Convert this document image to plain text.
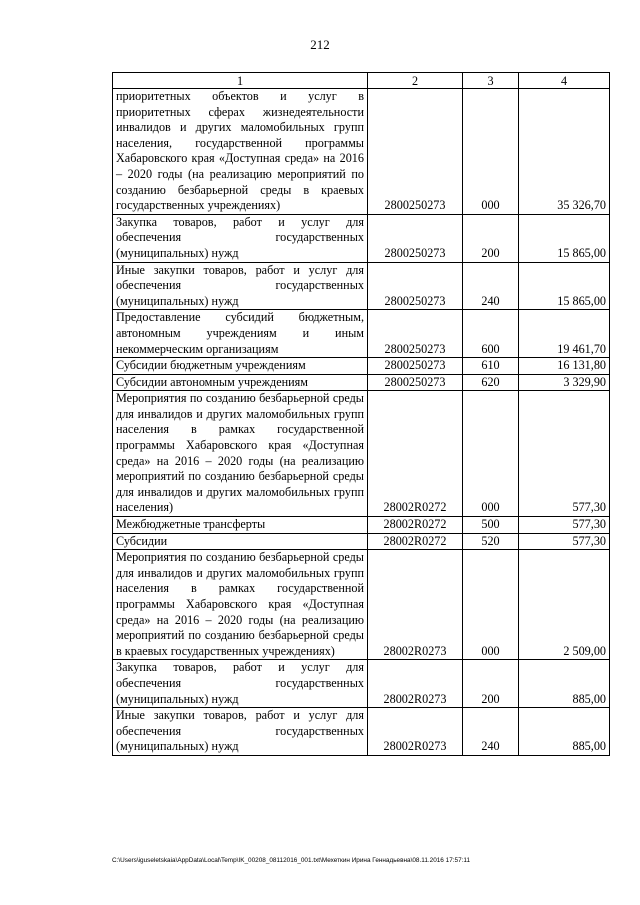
212
1	2	3	4
приоритетных объектов и услуг в приоритетных сферах жизнедеятельности инвалидов и других маломобильных групп населения, государственной программы Хабаровского края «Доступная среда» на 2016 – 2020 годы (на реализацию мероприятий по созданию безбарьерной среды в краевых государственных учреждениях)	2800250273	000	35 326,70
Закупка товаров, работ и услуг для обеспечения государственных (муниципальных) нужд	2800250273	200	15 865,00
Иные закупки товаров, работ и услуг для обеспечения государственных (муниципальных) нужд	2800250273	240	15 865,00
Предоставление субсидий бюджетным, автономным учреждениям и иным некоммерческим организациям	2800250273	600	19 461,70
Субсидии бюджетным учреждениям	2800250273	610	16 131,80
Субсидии автономным учреждениям	2800250273	620	3 329,90
Мероприятия по созданию безбарьерной среды для инвалидов и других маломобильных групп населения в рамках государственной программы Хабаровского края «Доступная среда» на 2016 – 2020 годы (на реализацию мероприятий по созданию безбарьерной среды для инвалидов и других маломобильных групп населения)	28002R0272	000	577,30
Межбюджетные трансферты	28002R0272	500	577,30
Субсидии	28002R0272	520	577,30
Мероприятия по созданию безбарьерной среды для инвалидов и других маломобильных групп населения в рамках государственной программы Хабаровского края «Доступная среда» на 2016 – 2020 годы (на реализацию мероприятий по созданию безбарьерной среды в краевых государственных учреждениях)	28002R0273	000	2 509,00
Закупка товаров, работ и услуг для обеспечения государственных (муниципальных) нужд	28002R0273	200	885,00
Иные закупки товаров, работ и услуг для обеспечения государственных (муниципальных) нужд	28002R0273	240	885,00
C:\Users\iguseletskaia\AppData\Local\Temp\IK_00208_08112016_001.txt\Мехеткин Ирина Геннадьевна\08.11.2016 17:57:11
